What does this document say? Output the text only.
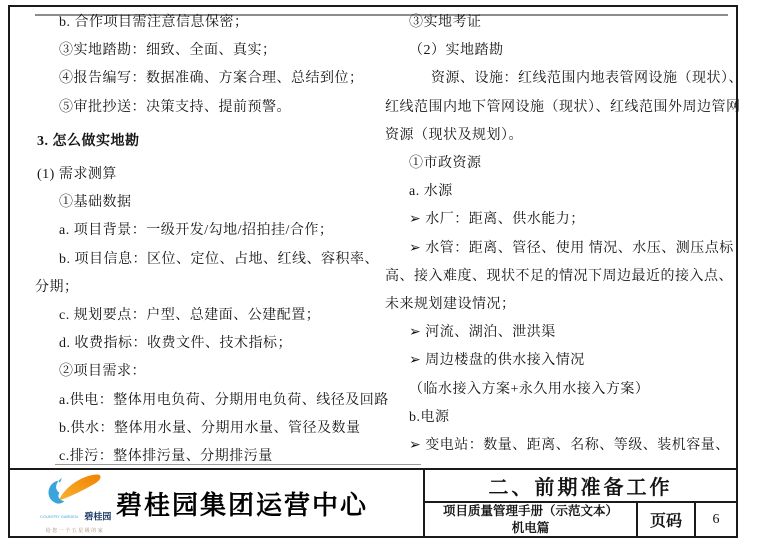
b. 合作项目需注意信息保密；
③实地踏勘：细致、全面、真实；
④报告编写：数据准确、方案合理、总结到位；
⑤审批抄送：决策支持、提前预警。
3. 怎么做实地勘
(1) 需求测算
①基础数据
a. 项目背景：一级开发/勾地/招拍挂/合作；
b. 项目信息：区位、定位、占地、红线、容积率、
分期；
c. 规划要点：户型、总建面、公建配置；
d. 收费指标：收费文件、技术指标；
②项目需求：
a.供电：整体用电负荷、分期用电负荷、线径及回路
b.供水：整体用水量、分期用水量、管径及数量
c.排污：整体排污量、分期排污量
③实地考证
（2）实地踏勘
资源、设施：红线范围内地表管网设施（现状）、
红线范围内地下管网设施（现状）、红线范围外周边管网
资源（现状及规划）。
①市政资源
a. 水源
➢ 水厂：距离、供水能力；
➢ 水管：距离、管径、使用 情况、水压、测压点标
高、接入难度、现状不足的情况下周边最近的接入点、
未来规划建设情况；
➢ 河流、湖泊、泄洪渠
➢ 周边楼盘的供水接入情况
（临水接入方案+永久用水接入方案）
b.电源
➢ 变电站：数量、距离、名称、等级、装机容量、
COUNTRY GARDEN 碧桂园
给您一个五星级的家
碧桂园集团运营中心
二、前期准备工作
项目质量管理手册（示范文本）
机电篇	页码	6
